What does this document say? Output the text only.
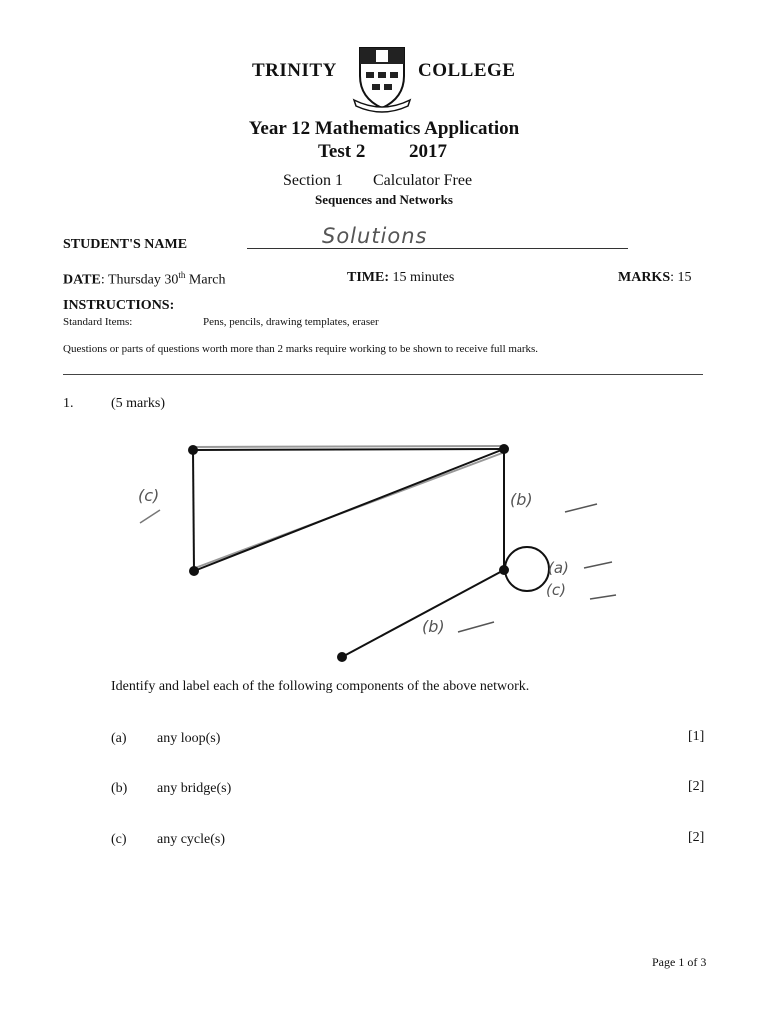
TRINITY	COLLEGE
Year 12 Mathematics Application
Test 2 2017
Section 1 Calculator Free
Sequences and Networks
STUDENT'S NAME	Solutions
DATE: Thursday 30th March	TIME: 15 minutes	MARKS: 15
INSTRUCTIONS:
Standard Items:	Pens, pencils, drawing templates, eraser
Questions or parts of questions worth more than 2 marks require working to be shown to receive full marks.
1.	(5 marks)
(c)	(b)
(a)
(c)
(b)
Identify and label each of the following components of the above network.
(a) any loop(s)	[1]
(b) any bridge(s)	[2]
(c) any cycle(s)	[2]
Page 1 of 3
